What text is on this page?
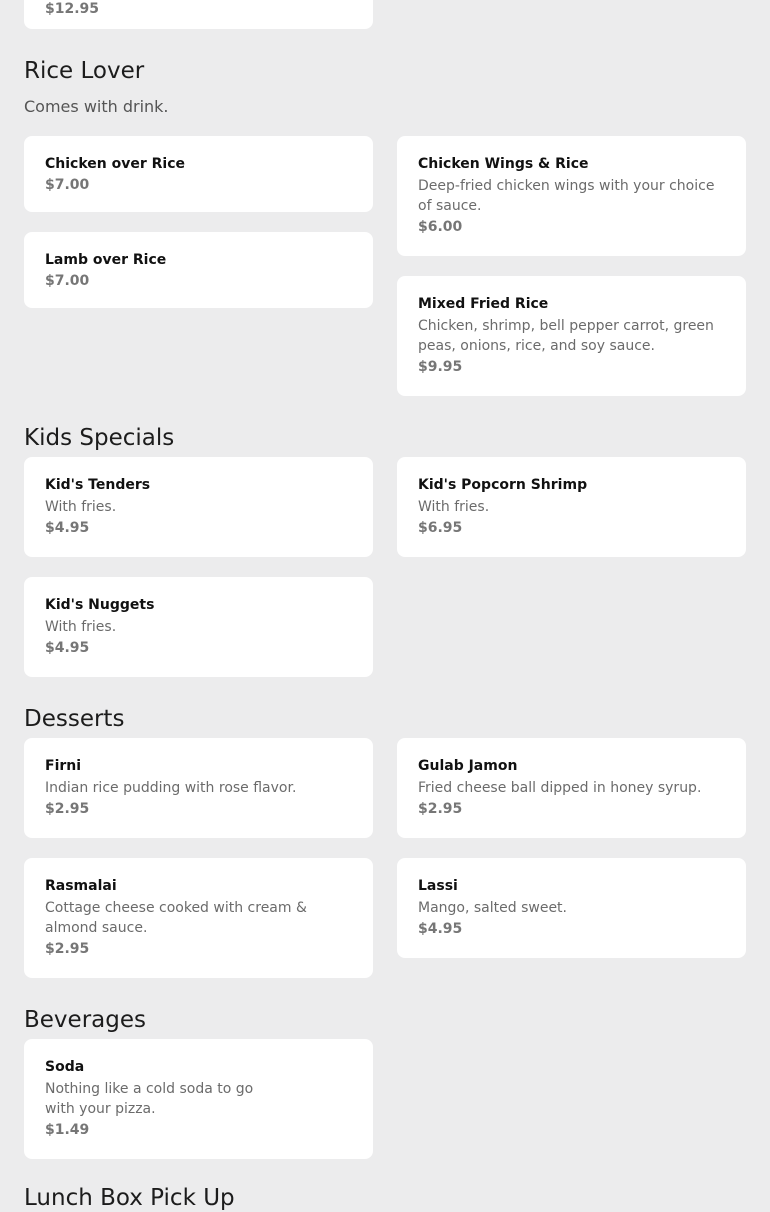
$12.95
Rice Lover

Comes with drink.

Chicken over Rice
$7.00
Chicken Wings & Rice
Deep-fried chicken wings with your choice of sauce.
$6.00
Lamb over Rice
$7.00
Mixed Fried Rice
Chicken, shrimp, bell pepper carrot, green peas, onions, rice, and soy sauce.
$9.95
Kids Specials
Kid's Tenders
With fries.
$4.95
Kid's Popcorn Shrimp
With fries.
$6.95
Kid's Nuggets
With fries.
$4.95
Desserts
Firni
Indian rice pudding with rose flavor.
$2.95
Gulab Jamon
Fried cheese ball dipped in honey syrup.
$2.95
Rasmalai
Cottage cheese cooked with cream & almond sauce.
$2.95
Lassi
Mango, salted sweet.
$4.95
Beverages
Soda
Nothing like a cold soda to go with your pizza.
$1.49
Lunch Box Pick Up
